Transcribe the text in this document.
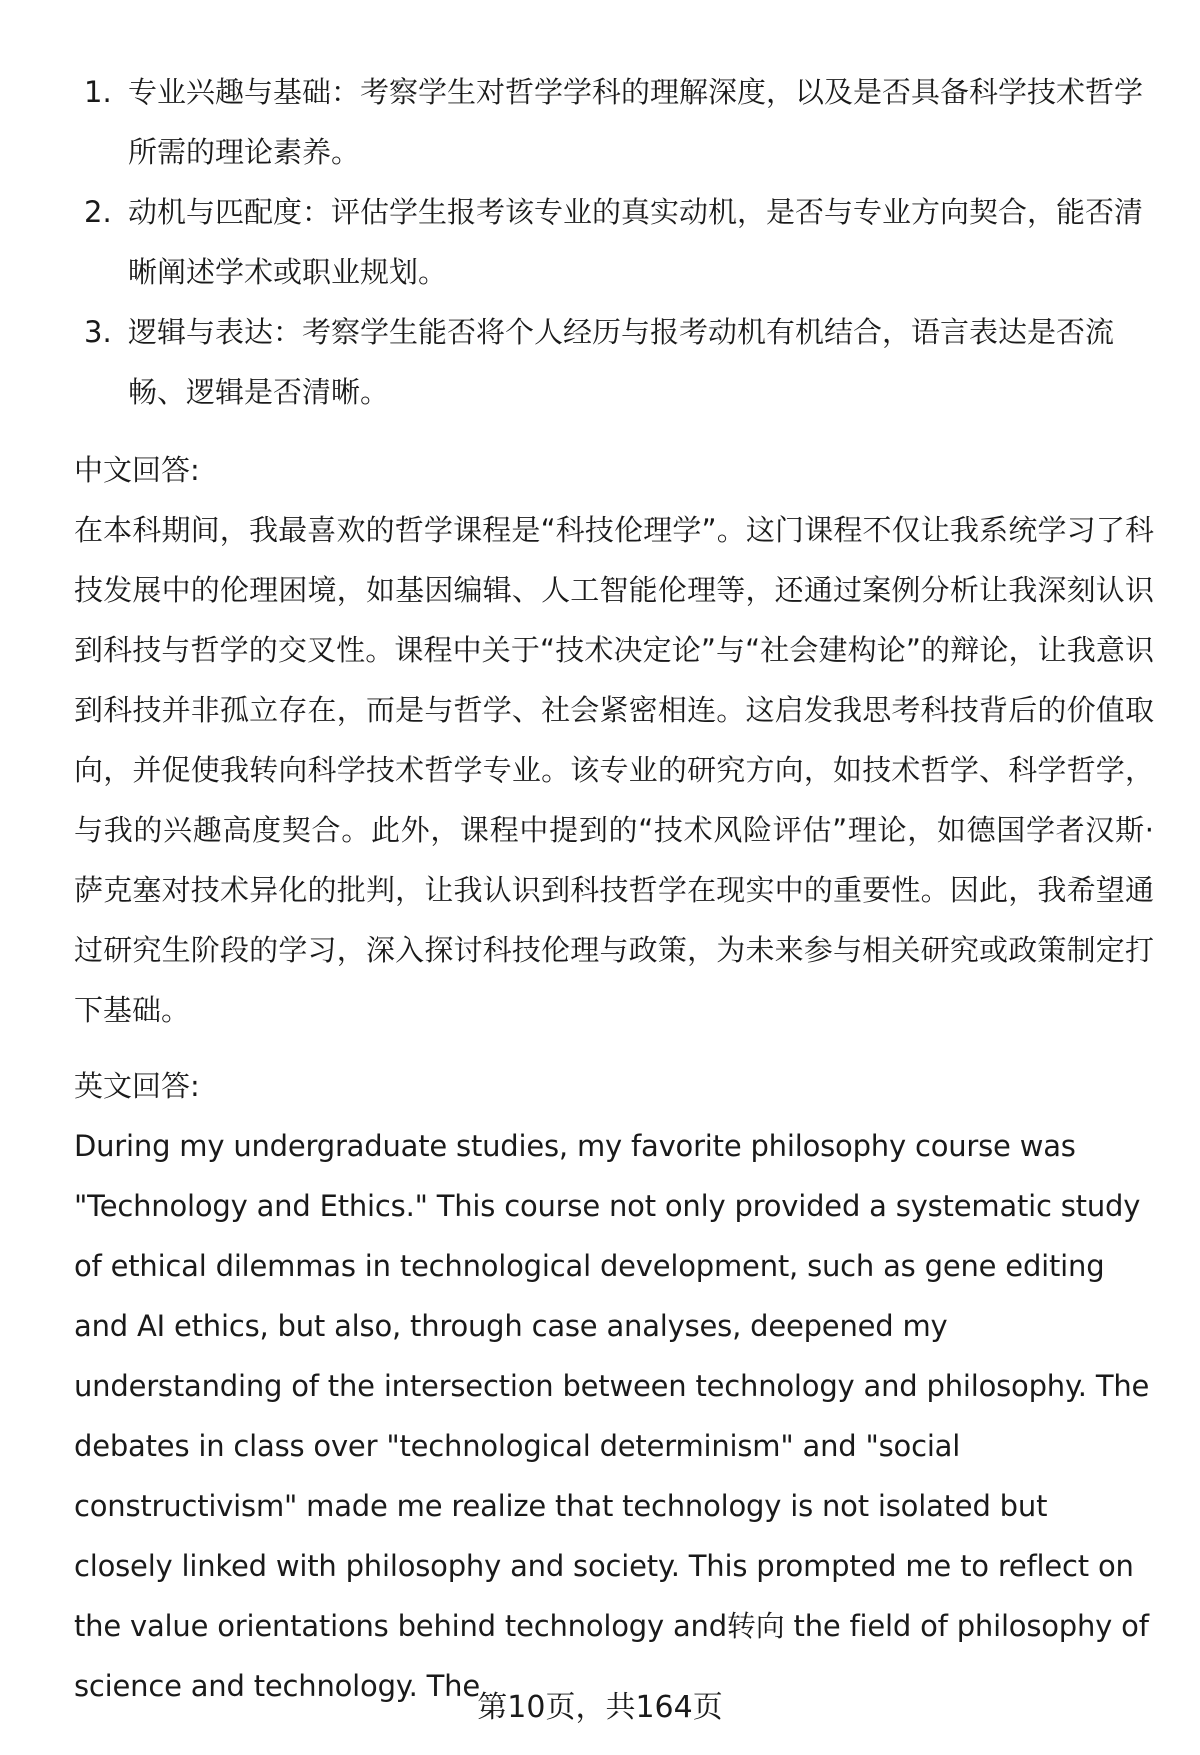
1. 专业兴趣与基础：考察学生对哲学学科的理解深度，以及是否具备科学技术哲学所需的理论素养。
2. 动机与匹配度：评估学生报考该专业的真实动机，是否与专业方向契合，能否清晰阐述学术或职业规划。
3. 逻辑与表达：考察学生能否将个人经历与报考动机有机结合，语言表达是否流畅、逻辑是否清晰。

中文回答:

在本科期间，我最喜欢的哲学课程是“科技伦理学”。这门课程不仅让我系统学习了科技发展中的伦理困境，如基因编辑、人工智能伦理等，还通过案例分析让我深刻认识到科技与哲学的交叉性。课程中关于“技术决定论”与“社会建构论”的辩论，让我意识到科技并非孤立存在，而是与哲学、社会紧密相连。这启发我思考科技背后的价值取向，并促使我转向科学技术哲学专业。该专业的研究方向，如技术哲学、科学哲学，与我的兴趣高度契合。此外，课程中提到的“技术风险评估”理论，如德国学者汉斯·萨克塞对技术异化的批判，让我认识到科技哲学在现实中的重要性。因此，我希望通过研究生阶段的学习，深入探讨科技伦理与政策，为未来参与相关研究或政策制定打下基础。

英文回答:

During my undergraduate studies, my favorite philosophy course was "Technology and Ethics." This course not only provided a systematic study of ethical dilemmas in technological development, such as gene editing and AI ethics, but also, through case analyses, deepened my understanding of the intersection between technology and philosophy. The debates in class over "technological determinism" and "social constructivism" made me realize that technology is not isolated but closely linked with philosophy and society. This prompted me to reflect on the value orientations behind technology and转向 the field of philosophy of science and technology. The

第10页，共164页
